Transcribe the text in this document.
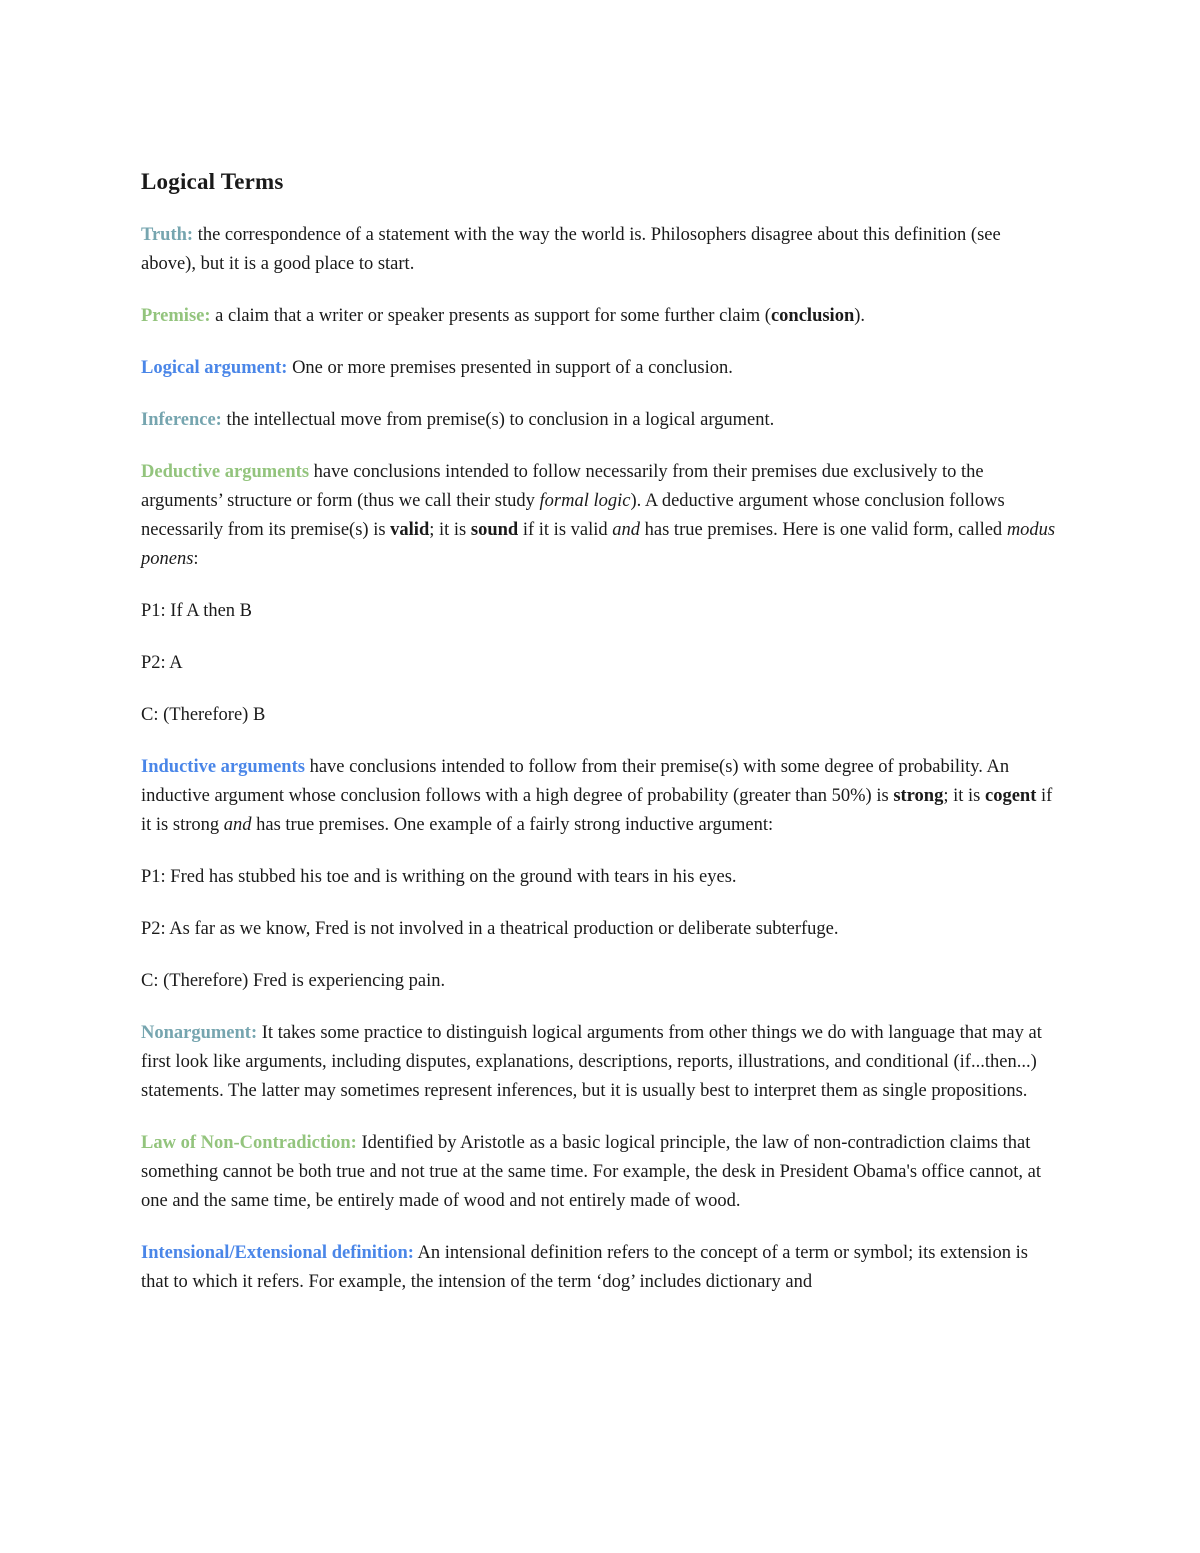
Logical Terms

Truth: the correspondence of a statement with the way the world is. Philosophers disagree about this definition (see above), but it is a good place to start.

Premise: a claim that a writer or speaker presents as support for some further claim (conclusion).

Logical argument: One or more premises presented in support of a conclusion.

Inference: the intellectual move from premise(s) to conclusion in a logical argument.

Deductive arguments have conclusions intended to follow necessarily from their premises due exclusively to the arguments’ structure or form (thus we call their study formal logic). A deductive argument whose conclusion follows necessarily from its premise(s) is valid; it is sound if it is valid and has true premises. Here is one valid form, called modus ponens:

P1: If A then B

P2: A

C: (Therefore) B

Inductive arguments have conclusions intended to follow from their premise(s) with some degree of probability. An inductive argument whose conclusion follows with a high degree of probability (greater than 50%) is strong; it is cogent if it is strong and has true premises. One example of a fairly strong inductive argument:

P1: Fred has stubbed his toe and is writhing on the ground with tears in his eyes.

P2: As far as we know, Fred is not involved in a theatrical production or deliberate subterfuge.

C: (Therefore) Fred is experiencing pain.

Nonargument: It takes some practice to distinguish logical arguments from other things we do with language that may at first look like arguments, including disputes, explanations, descriptions, reports, illustrations, and conditional (if...then...) statements. The latter may sometimes represent inferences, but it is usually best to interpret them as single propositions.

Law of Non-Contradiction: Identified by Aristotle as a basic logical principle, the law of non-contradiction claims that something cannot be both true and not true at the same time. For example, the desk in President Obama's office cannot, at one and the same time, be entirely made of wood and not entirely made of wood.

Intensional/Extensional definition: An intensional definition refers to the concept of a term or symbol; its extension is that to which it refers. For example, the intension of the term ‘dog’ includes dictionary and
